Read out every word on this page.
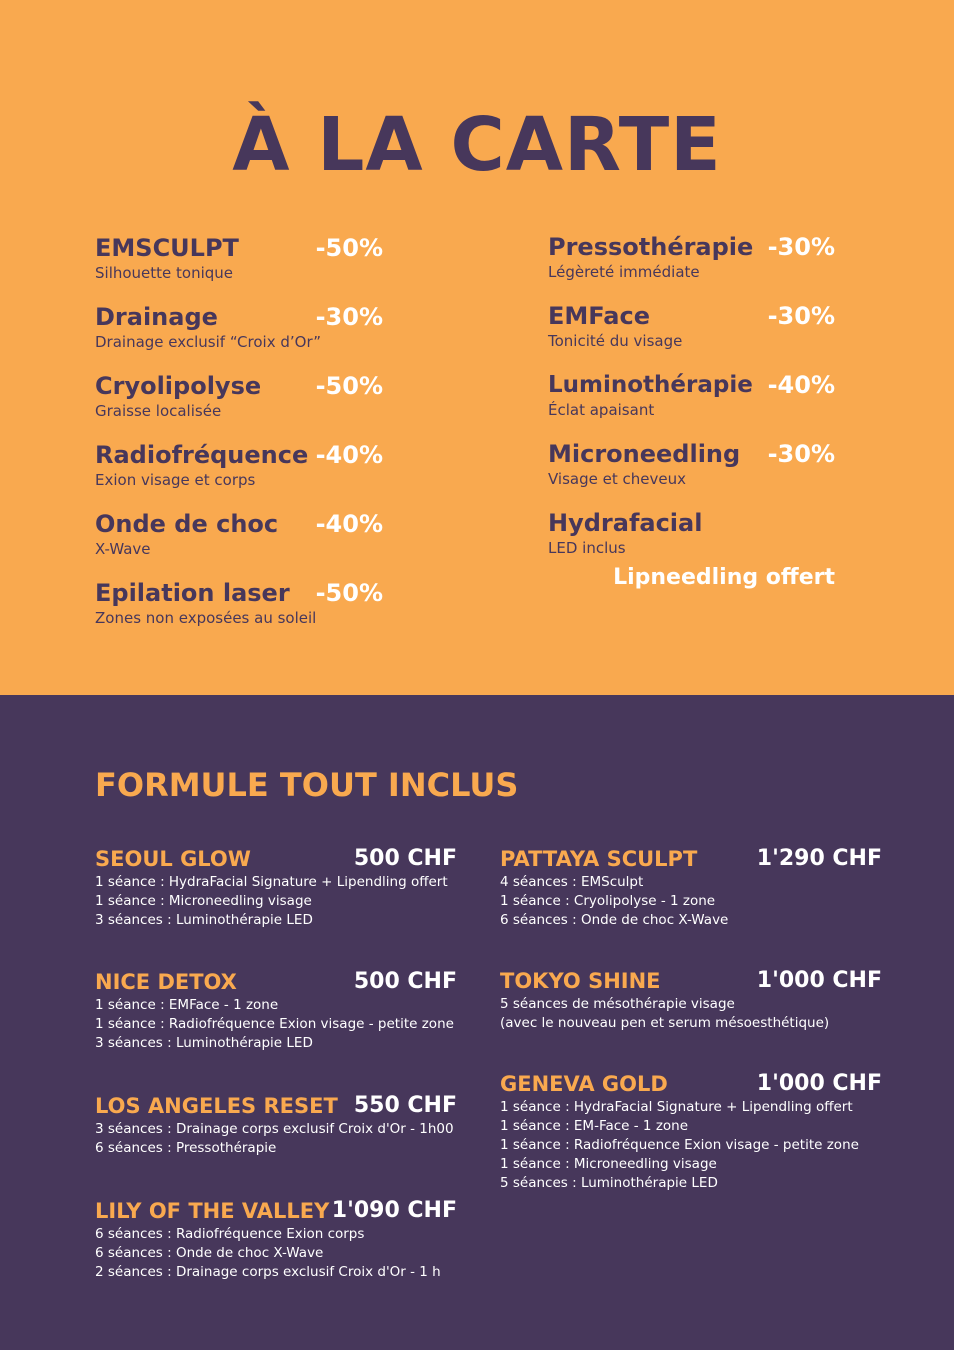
À LA CARTE
EMSCULPT	-50%
Silhouette tonique
Drainage	-30%
Drainage exclusif “Croix d’Or”
Cryolipolyse -50%
Graisse localisée
Radiofréquence -40%
Exion visage et corps
Onde de choc -40%
X-Wave
Epilation laser -50%
Zones non exposées au soleil
Pressothérapie -30%
Légèreté immédiate
EMFace	-30%
Tonicité du visage
Luminothérapie -40%
Éclat apaisant
Microneedling -30%
Visage et cheveux
Hydrafacial
LED inclus
Lipneedling offert
FORMULE TOUT INCLUS
SEOUL GLOW	500 CHF
1 séance : HydraFacial Signature + Lipendling offert
1 séance : Microneedling visage
3 séances : Luminothérapie LED
NICE DETOX	500 CHF
1 séance : EMFace - 1 zone
1 séance : Radiofréquence Exion visage - petite zone
3 séances : Luminothérapie LED
LOS ANGELES RESET 550 CHF
3 séances : Drainage corps exclusif Croix d'Or - 1h00
6 séances : Pressothérapie
LILY OF THE VALLEY 1'090 CHF
6 séances : Radiofréquence Exion corps
6 séances : Onde de choc X-Wave
2 séances : Drainage corps exclusif Croix d'Or - 1 h
PATTAYA SCULPT	1'290 CHF
4 séances : EMSculpt
1 séance : Cryolipolyse - 1 zone
6 séances : Onde de choc X-Wave
TOKYO SHINE	1'000 CHF
5 séances de mésothérapie visage
(avec le nouveau pen et serum mésoesthétique)
GENEVA GOLD	1'000 CHF
1 séance : HydraFacial Signature + Lipendling offert
1 séance : EM-Face - 1 zone
1 séance : Radiofréquence Exion visage - petite zone
1 séance : Microneedling visage
5 séances : Luminothérapie LED
